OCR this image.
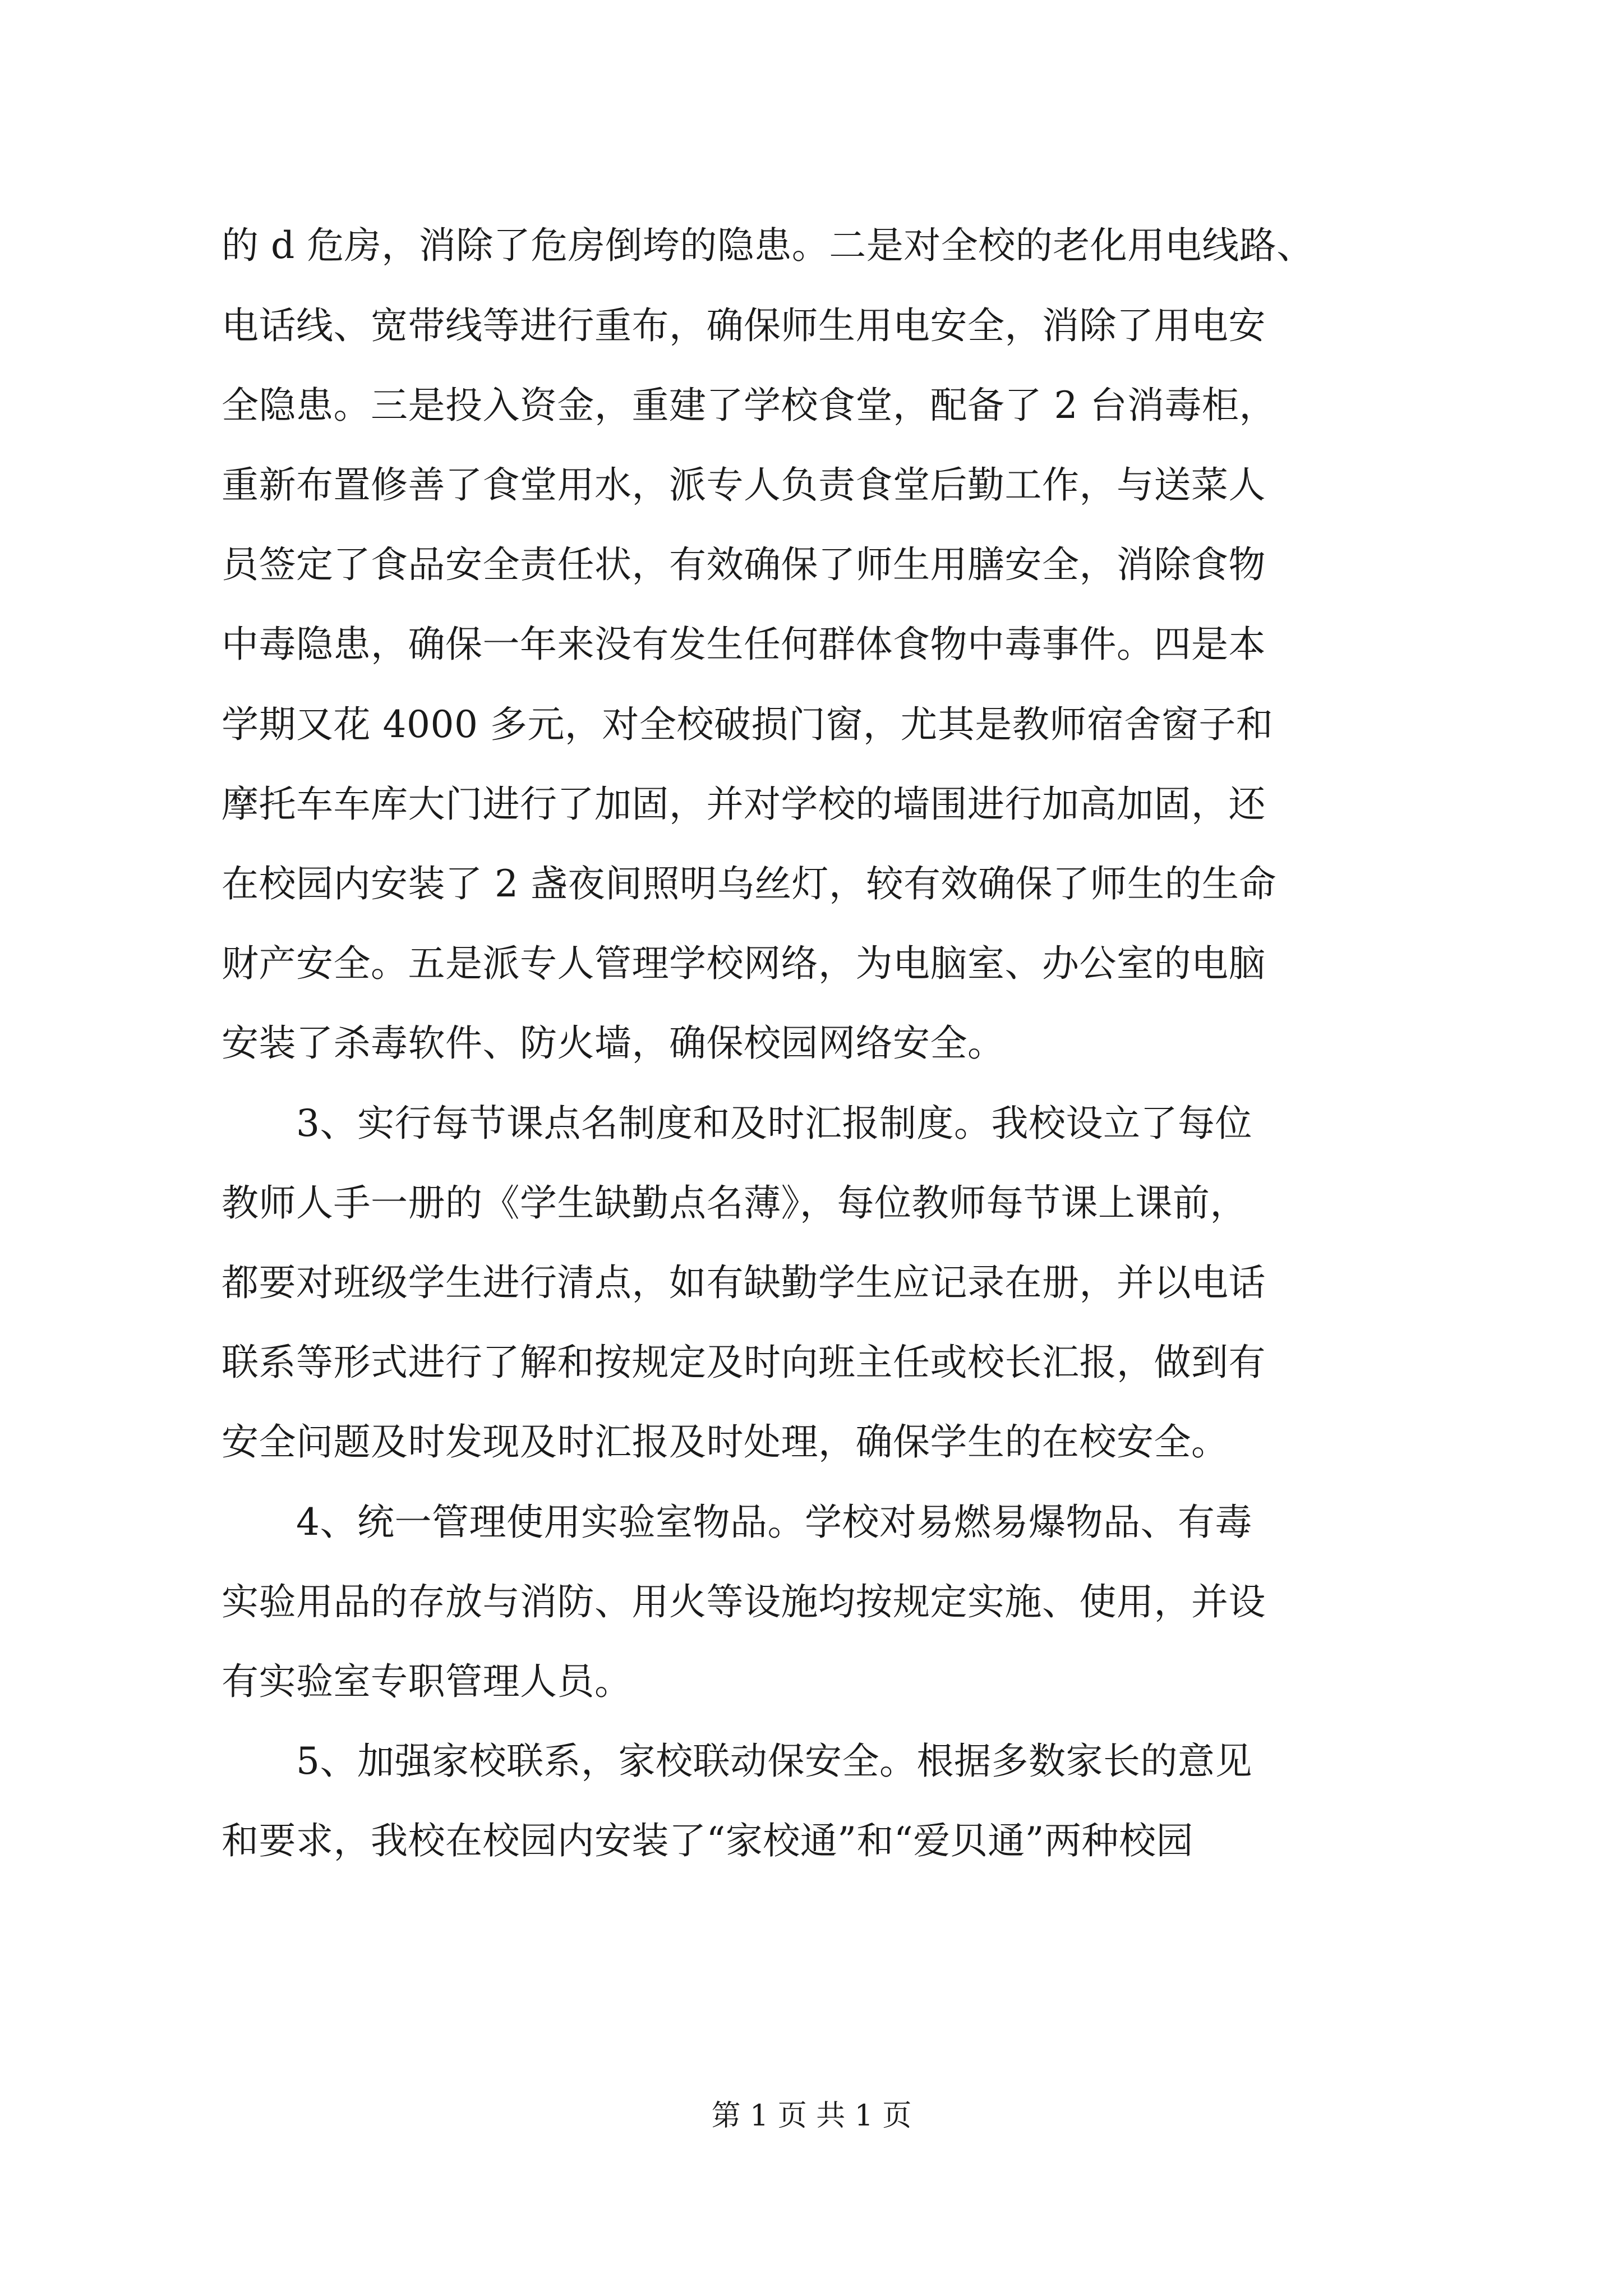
的 d 危房，消除了危房倒垮的隐患。二是对全校的老化用电线路、
电话线、宽带线等进行重布，确保师生用电安全，消除了用电安
全隐患。三是投入资金，重建了学校食堂，配备了 2 台消毒柜，
重新布置修善了食堂用水，派专人负责食堂后勤工作，与送菜人
员签定了食品安全责任状，有效确保了师生用膳安全，消除食物
中毒隐患，确保一年来没有发生任何群体食物中毒事件。四是本
学期又花 4000 多元，对全校破损门窗，尤其是教师宿舍窗子和
摩托车车库大门进行了加固，并对学校的墙围进行加高加固，还
在校园内安装了 2 盏夜间照明乌丝灯，较有效确保了师生的生命
财产安全。五是派专人管理学校网络，为电脑室、办公室的电脑
安装了杀毒软件、防火墙，确保校园网络安全。
　　3、实行每节课点名制度和及时汇报制度。我校设立了每位
教师人手一册的《学生缺勤点名薄》，每位教师每节课上课前，
都要对班级学生进行清点，如有缺勤学生应记录在册，并以电话
联系等形式进行了解和按规定及时向班主任或校长汇报，做到有
安全问题及时发现及时汇报及时处理，确保学生的在校安全。
　　4、统一管理使用实验室物品。学校对易燃易爆物品、有毒
实验用品的存放与消防、用火等设施均按规定实施、使用，并设
有实验室专职管理人员。
　　5、加强家校联系，家校联动保安全。根据多数家长的意见
和要求，我校在校园内安装了“家校通”和“爱贝通”两种校园
第 1 页 共 1 页
